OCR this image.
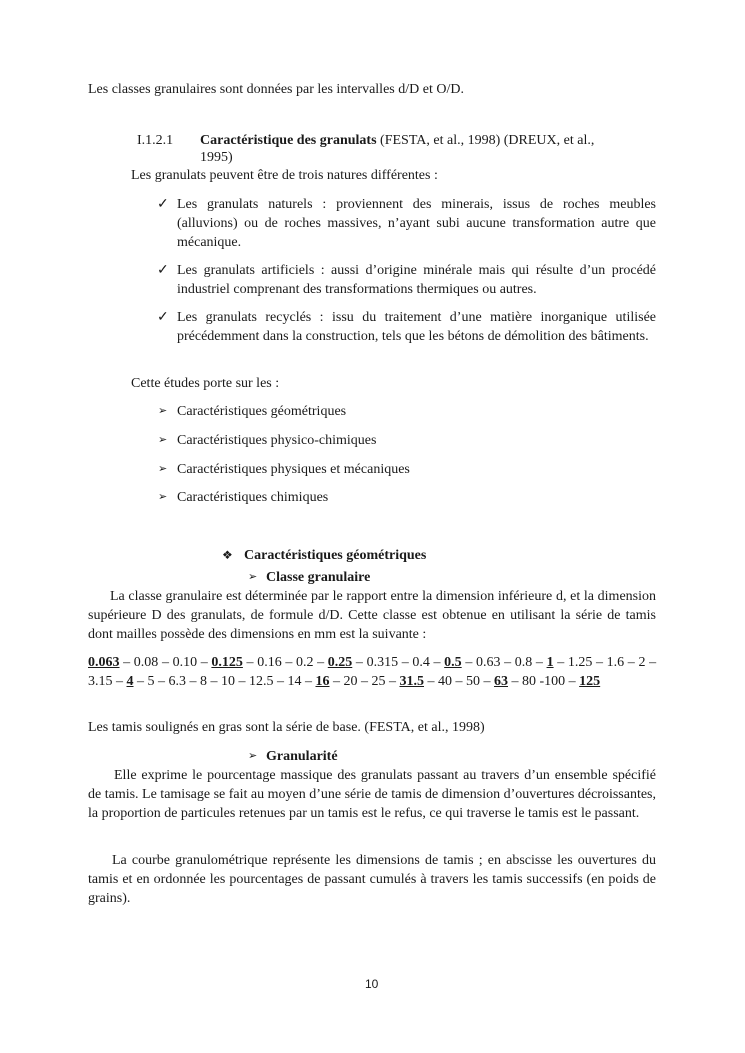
Les classes granulaires sont données par les intervalles d/D et O/D.
I.1.2.1 Caractéristique des granulats (FESTA, et al., 1998) (DREUX, et al.,
1995)
Les granulats peuvent être de trois natures différentes :
✓ Les granulats naturels : proviennent des minerais, issus de roches meubles (alluvions) ou de roches massives, n’ayant subi aucune transformation autre que mécanique.
✓ Les granulats artificiels : aussi d’origine minérale mais qui résulte d’un procédé industriel comprenant des transformations thermiques ou autres.
✓ Les granulats recyclés : issu du traitement d’une matière inorganique utilisée précédemment dans la construction, tels que les bétons de démolition des bâtiments.
Cette études porte sur les :
➢ Caractéristiques géométriques
➢ Caractéristiques physico-chimiques
➢ Caractéristiques physiques et mécaniques
➢ Caractéristiques chimiques
❖ Caractéristiques géométriques
➢ Classe granulaire
La classe granulaire est déterminée par le rapport entre la dimension inférieure d, et la dimension supérieure D des granulats, de formule d/D. Cette classe est obtenue en utilisant la série de tamis dont mailles possède des dimensions en mm est la suivante :
0.063 – 0.08 – 0.10 – 0.125 – 0.16 – 0.2 – 0.25 – 0.315 – 0.4 – 0.5 – 0.63 – 0.8 – 1 – 1.25 – 1.6 – 2 – 3.15 – 4 – 5 – 6.3 – 8 – 10 – 12.5 – 14 – 16 – 20 – 25 – 31.5 – 40 – 50 – 63 – 80 -100 – 125
Les tamis soulignés en gras sont la série de base. (FESTA, et al., 1998)
➢ Granularité
Elle exprime le pourcentage massique des granulats passant au travers d’un ensemble spécifié de tamis. Le tamisage se fait au moyen d’une série de tamis de dimension d’ouvertures décroissantes, la proportion de particules retenues par un tamis est le refus, ce qui traverse le tamis est le passant.
La courbe granulométrique représente les dimensions de tamis ; en abscisse les ouvertures du tamis et en ordonnée les pourcentages de passant cumulés à travers les tamis successifs (en poids de grains).
10
